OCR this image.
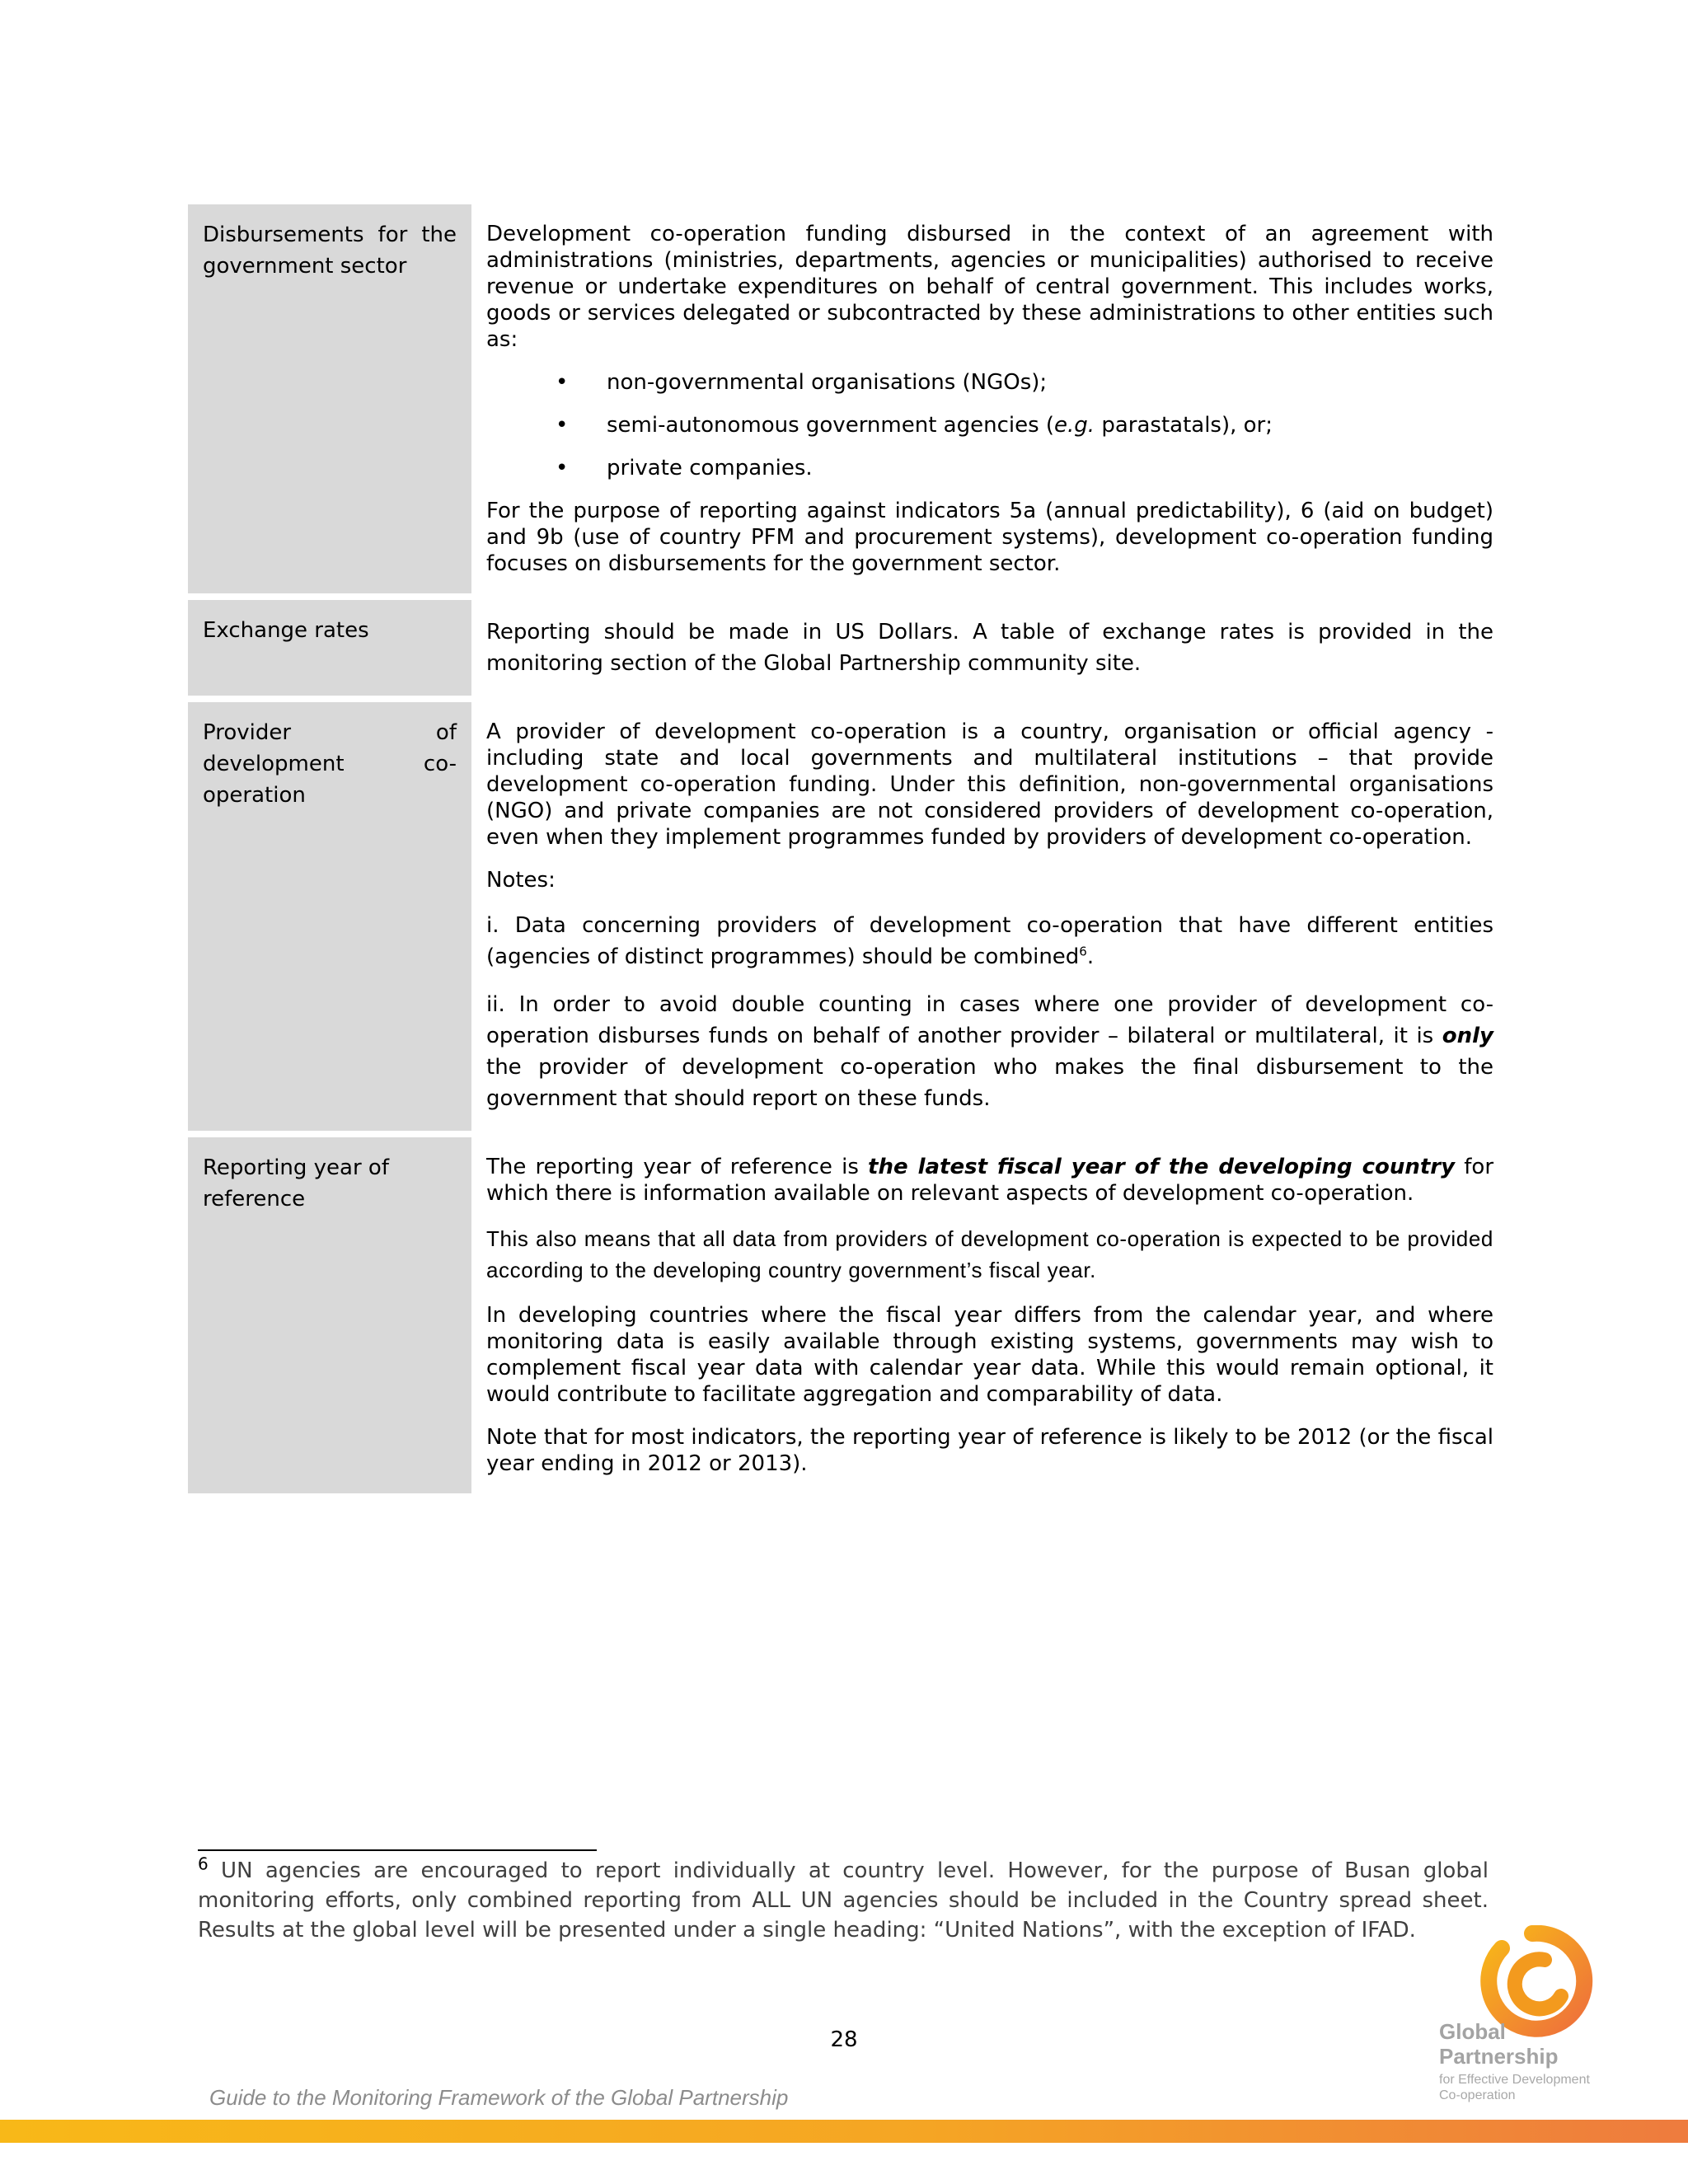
Disbursements for the government sector

Development co-operation funding disbursed in the context of an agreement with administrations (ministries, departments, agencies or municipalities) authorised to receive revenue or undertake expenditures on behalf of central government. This includes works, goods or services delegated or subcontracted by these administrations to other entities such as:

• non-governmental organisations (NGOs);
• semi-autonomous government agencies (e.g. parastatals), or;
• private companies.

For the purpose of reporting against indicators 5a (annual predictability), 6 (aid on budget) and 9b (use of country PFM and procurement systems), development co-operation funding focuses on disbursements for the government sector.

Exchange rates	Reporting should be made in US Dollars. A table of exchange rates is provided in the monitoring section of the Global Partnership community site.

Provider of development co-operation

A provider of development co-operation is a country, organisation or official agency - including state and local governments and multilateral institutions – that provide development co-operation funding. Under this definition, non-governmental organisations (NGO) and private companies are not considered providers of development co-operation, even when they implement programmes funded by providers of development co-operation.

Notes:

i. Data concerning providers of development co-operation that have different entities (agencies of distinct programmes) should be combined$^6$.

ii. In order to avoid double counting in cases where one provider of development co-operation disburses funds on behalf of another provider – bilateral or multilateral, it is only the provider of development co-operation who makes the final disbursement to the government that should report on these funds.

Reporting year of reference

The reporting year of reference is the latest fiscal year of the developing country for which there is information available on relevant aspects of development co-operation.

This also means that all data from providers of development co-operation is expected to be provided according to the developing country government’s fiscal year.

In developing countries where the fiscal year differs from the calendar year, and where monitoring data is easily available through existing systems, governments may wish to complement fiscal year data with calendar year data. While this would remain optional, it would contribute to facilitate aggregation and comparability of data.

Note that for most indicators, the reporting year of reference is likely to be 2012 (or the fiscal year ending in 2012 or 2013).

$^6$ UN agencies are encouraged to report individually at country level. However, for the purpose of Busan global monitoring efforts, only combined reporting from ALL UN agencies should be included in the Country spread sheet. Results at the global level will be presented under a single heading: “United Nations”, with the exception of IFAD.
28
Guide to the Monitoring Framework of the Global Partnership
Global
Partnership
for Effective Development
Co-operation
